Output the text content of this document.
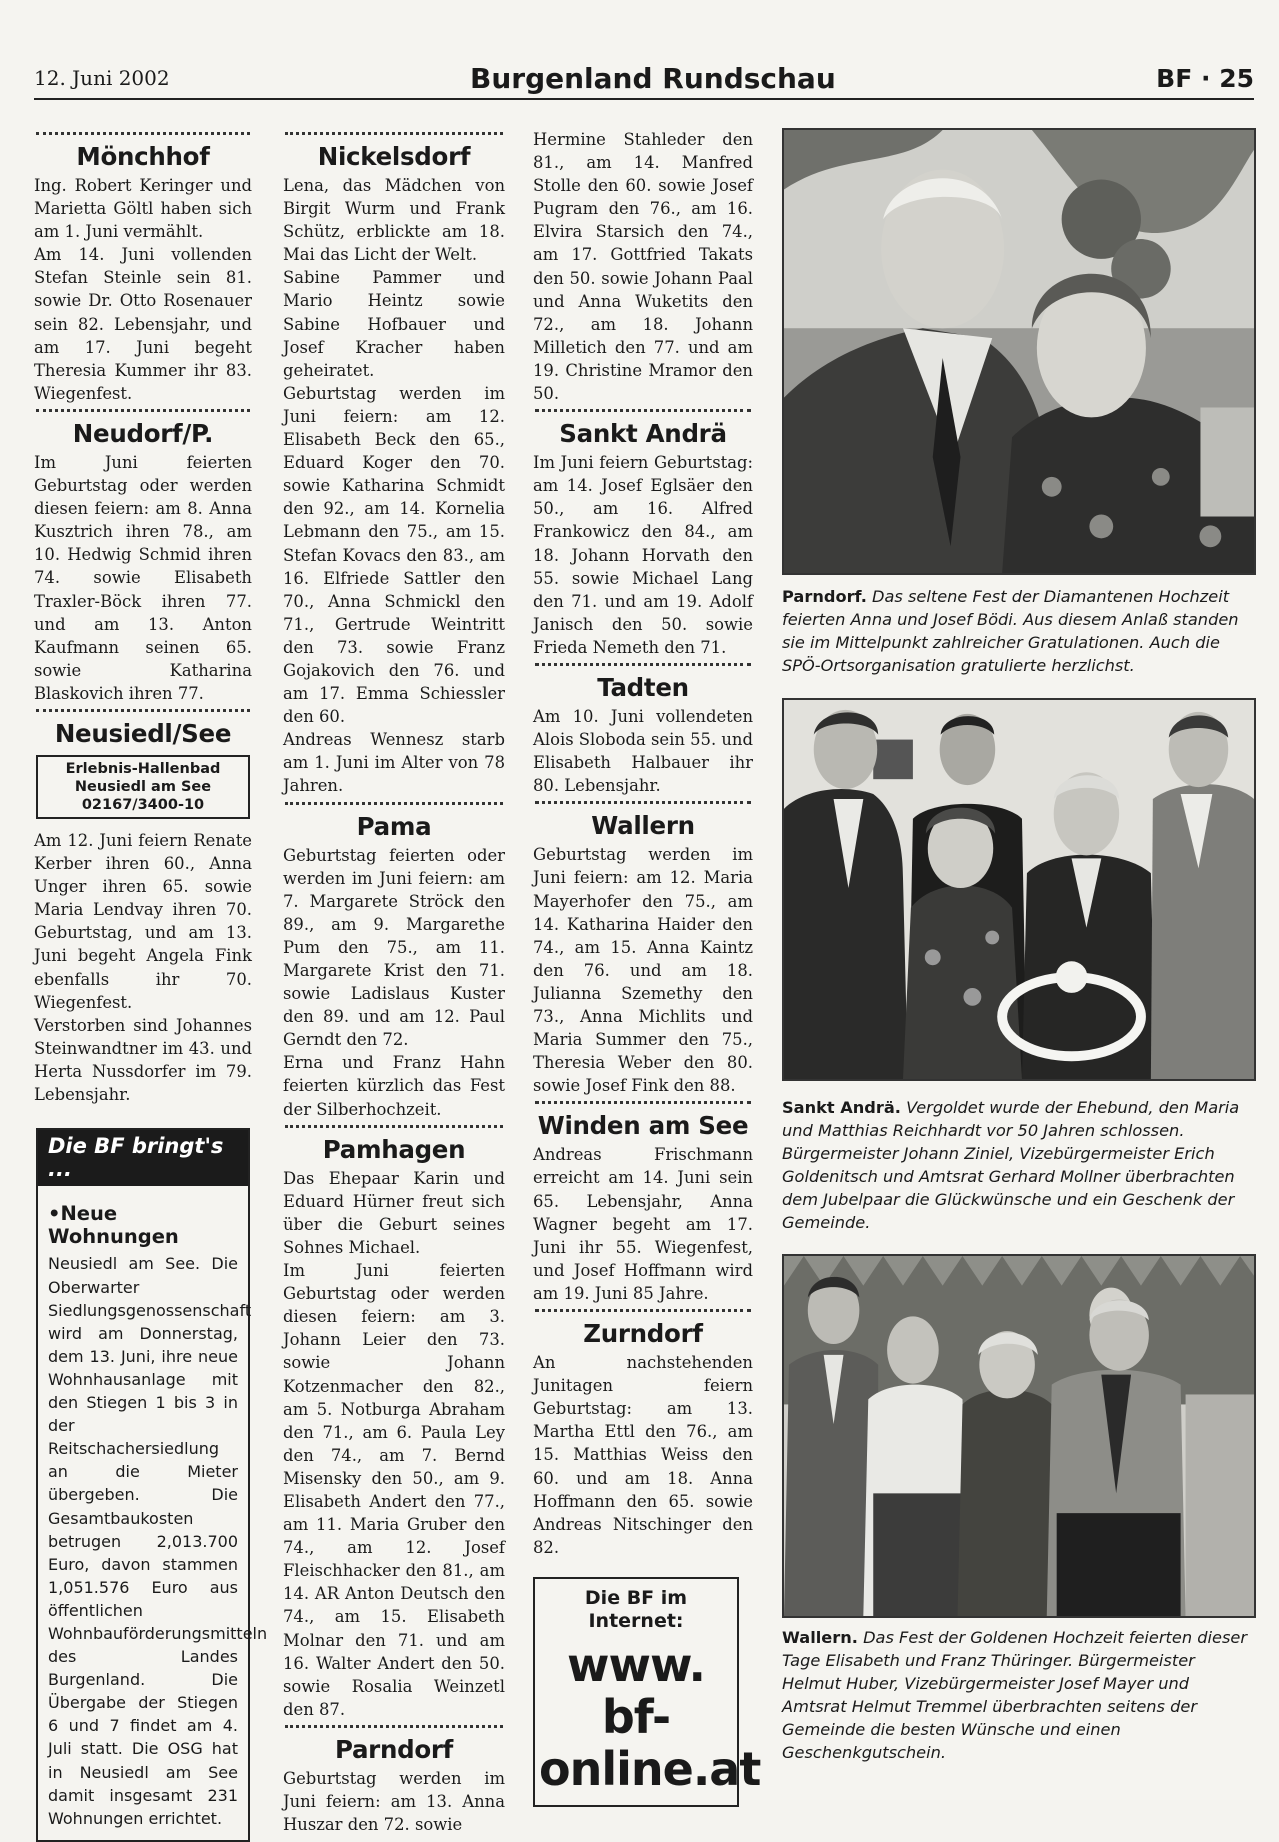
12. Juni 2002	Burgenland Rundschau	BF · 25
Mönchhof

Ing. Robert Keringer und Marietta Göltl haben sich am 1. Juni vermählt.

Am 14. Juni vollenden Stefan Steinle sein 81. sowie Dr. Otto Rosenauer sein 82. Lebensjahr, und am 17. Juni begeht Theresia Kummer ihr 83. Wiegenfest.

Neudorf/P.

Im Juni feierten Geburtstag oder werden diesen feiern: am 8. Anna Kusztrich ihren 78., am 10. Hedwig Schmid ihren 74. sowie Elisabeth Traxler-Böck ihren 77. und am 13. Anton Kaufmann seinen 65. sowie Katharina Blaskovich ihren 77.

Neusiedl/See
Erlebnis-Hallenbad
Neusiedl am See
02167/3400-10

Am 12. Juni feiern Renate Kerber ihren 60., Anna Unger ihren 65. sowie Maria Lendvay ihren 70. Geburtstag, und am 13. Juni begeht Angela Fink ebenfalls ihr 70. Wiegenfest.

Verstorben sind Johannes Steinwandtner im 43. und Herta Nussdorfer im 79. Lebensjahr.

Die BF bringt's ...
•Neue Wohnungen

Neusiedl am See. Die Oberwarter Siedlungsgenossenschaft wird am Donnerstag, dem 13. Juni, ihre neue Wohnhausanlage mit den Stiegen 1 bis 3 in der Reitschachersiedlung an die Mieter übergeben. Die Gesamtbaukosten betrugen 2,013.700 Euro, davon stammen 1,051.576 Euro aus öffentlichen Wohnbauförderungsmitteln des Landes Burgenland. Die Übergabe der Stiegen 6 und 7 findet am 4. Juli statt. Die OSG hat in Neusiedl am See damit insgesamt 231 Wohnungen errichtet.

Nickelsdorf

Lena, das Mädchen von Birgit Wurm und Frank Schütz, erblickte am 18. Mai das Licht der Welt.

Sabine Pammer und Mario Heintz sowie Sabine Hofbauer und Josef Kracher haben geheiratet.

Geburtstag werden im Juni feiern: am 12. Elisabeth Beck den 65., Eduard Koger den 70. sowie Katharina Schmidt den 92., am 14. Kornelia Lebmann den 75., am 15. Stefan Kovacs den 83., am 16. Elfriede Sattler den 70., Anna Schmickl den 71., Gertrude Weintritt den 73. sowie Franz Gojakovich den 76. und am 17. Emma Schiessler den 60.

Andreas Wennesz starb am 1. Juni im Alter von 78 Jahren.

Pama

Geburtstag feierten oder werden im Juni feiern: am 7. Margarete Ströck den 89., am 9. Margarethe Pum den 75., am 11. Margarete Krist den 71. sowie Ladislaus Kuster den 89. und am 12. Paul Gerndt den 72.

Erna und Franz Hahn feierten kürzlich das Fest der Silberhochzeit.

Pamhagen

Das Ehepaar Karin und Eduard Hürner freut sich über die Geburt seines Sohnes Michael.

Im Juni feierten Geburtstag oder werden diesen feiern: am 3. Johann Leier den 73. sowie Johann Kotzenmacher den 82., am 5. Notburga Abraham den 71., am 6. Paula Ley den 74., am 7. Bernd Misensky den 50., am 9. Elisabeth Andert den 77., am 11. Maria Gruber den 74., am 12. Josef Fleischhacker den 81., am 14. AR Anton Deutsch den 74., am 15. Elisabeth Molnar den 71. und am 16. Walter Andert den 50. sowie Rosalia Weinzetl den 87.

Parndorf

Geburtstag werden im Juni feiern: am 13. Anna Huszar den 72. sowie

Hermine Stahleder den 81., am 14. Manfred Stolle den 60. sowie Josef Pugram den 76., am 16. Elvira Starsich den 74., am 17. Gottfried Takats den 50. sowie Johann Paal und Anna Wuketits den 72., am 18. Johann Milletich den 77. und am 19. Christine Mramor den 50.

Sankt Andrä

Im Juni feiern Geburtstag: am 14. Josef Eglsäer den 50., am 16. Alfred Frankowicz den 84., am 18. Johann Horvath den 55. sowie Michael Lang den 71. und am 19. Adolf Janisch den 50. sowie Frieda Nemeth den 71.

Tadten

Am 10. Juni vollendeten Alois Sloboda sein 55. und Elisabeth Halbauer ihr 80. Lebensjahr.

Wallern

Geburtstag werden im Juni feiern: am 12. Maria Mayerhofer den 75., am 14. Katharina Haider den 74., am 15. Anna Kaintz den 76. und am 18. Julianna Szemethy den 73., Anna Michlits und Maria Summer den 75., Theresia Weber den 80. sowie Josef Fink den 88.

Winden am See

Andreas Frischmann erreicht am 14. Juni sein 65. Lebensjahr, Anna Wagner begeht am 17. Juni ihr 55. Wiegenfest, und Josef Hoffmann wird am 19. Juni 85 Jahre.

Zurndorf

An nachstehenden Junitagen feiern Geburtstag: am 13. Martha Ettl den 76., am 15. Matthias Weiss den 60. und am 18. Anna Hoffmann den 65. sowie Andreas Nitschinger den 82.

Die BF im Internet:
www.
bf-
online.at
Parndorf. Das seltene Fest der Diamantenen Hochzeit feierten Anna und Josef Bödi. Aus diesem Anlaß standen sie im Mittelpunkt zahlreicher Gratulationen. Auch die SPÖ-Ortsorganisation gratulierte herzlichst.
Sankt Andrä. Vergoldet wurde der Ehebund, den Maria und Matthias Reichhardt vor 50 Jahren schlossen. Bürgermeister Johann Ziniel, Vizebürgermeister Erich Goldenitsch und Amtsrat Gerhard Mollner überbrachten dem Jubelpaar die Glückwünsche und ein Geschenk der Gemeinde.
Wallern. Das Fest der Goldenen Hochzeit feierten dieser Tage Elisabeth und Franz Thüringer. Bürgermeister Helmut Huber, Vizebürgermeister Josef Mayer und Amtsrat Helmut Tremmel überbrachten seitens der Gemeinde die besten Wünsche und einen Geschenkgutschein.
